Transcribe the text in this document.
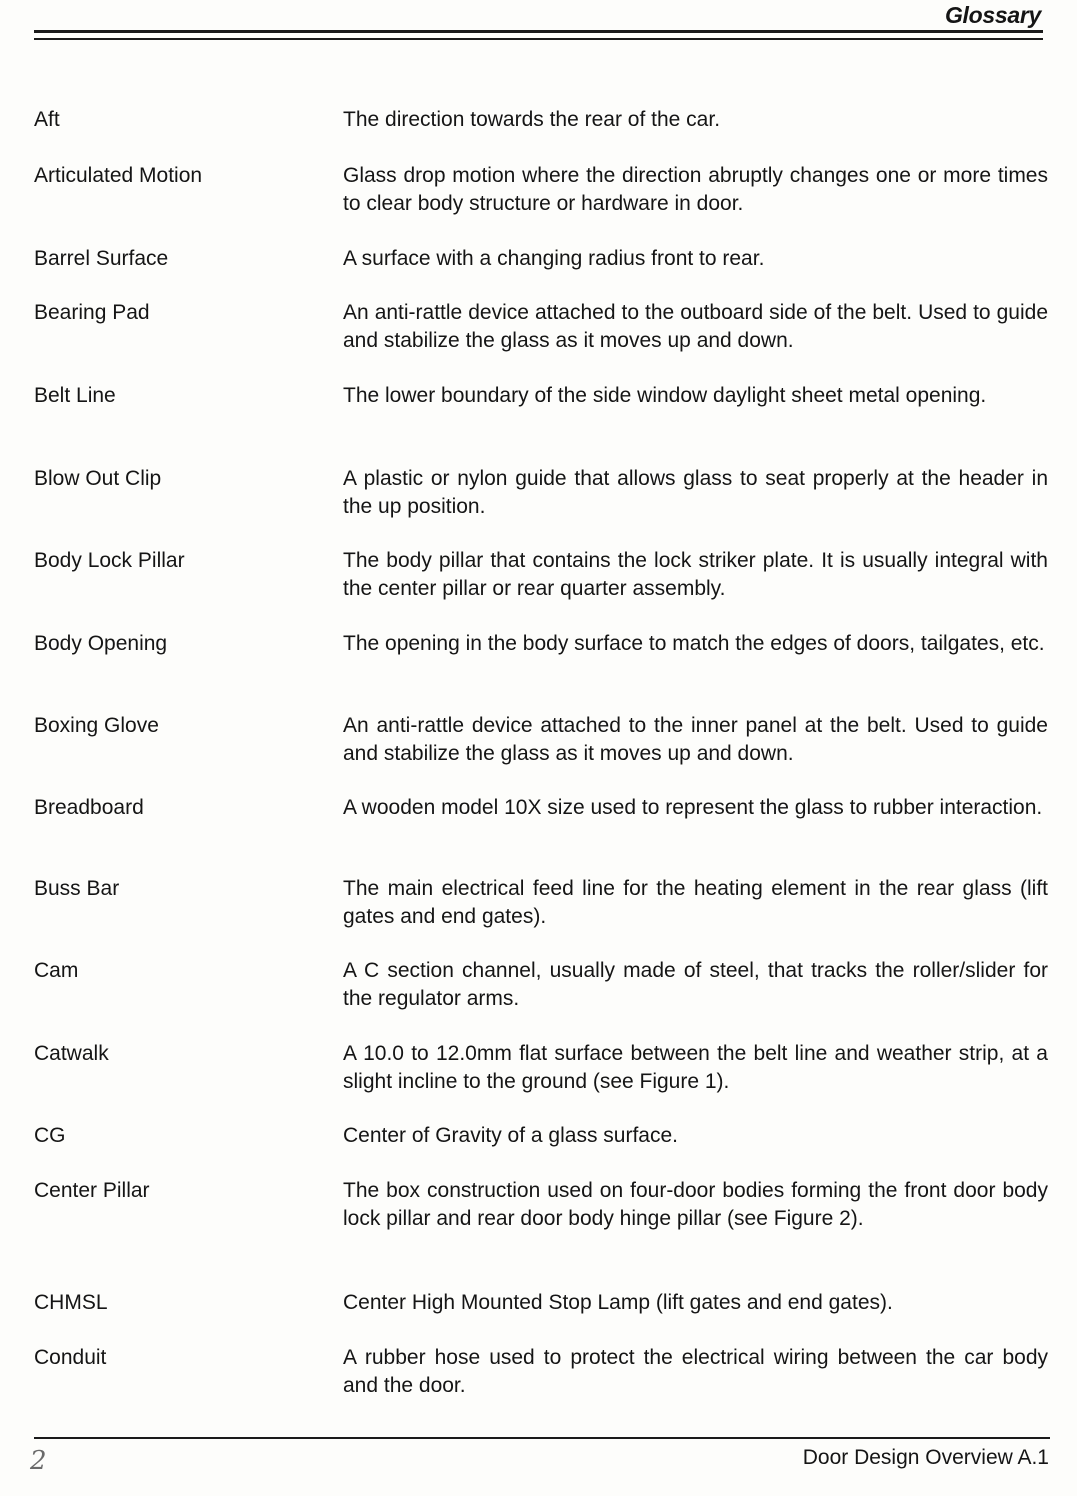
Glossary
Aft	The direction towards the rear of the car.
Articulated Motion	Glass drop motion where the direction abruptly changes one or more times to clear body structure or hardware in door.
Barrel Surface	A surface with a changing radius front to rear.
Bearing Pad	An anti-rattle device attached to the outboard side of the belt. Used to guide and stabilize the glass as it moves up and down.
Belt Line	The lower boundary of the side window daylight sheet metal opening.
Blow Out Clip	A plastic or nylon guide that allows glass to seat properly at the header in the up position.
Body Lock Pillar	The body pillar that contains the lock striker plate. It is usually integral with the center pillar or rear quarter assembly.
Body Opening	The opening in the body surface to match the edges of doors, tailgates, etc.
Boxing Glove	An anti-rattle device attached to the inner panel at the belt. Used to guide and stabilize the glass as it moves up and down.
Breadboard	A wooden model 10X size used to represent the glass to rubber interaction.
Buss Bar	The main electrical feed line for the heating element in the rear glass (lift gates and end gates).
Cam	A C section channel, usually made of steel, that tracks the roller/slider for the regulator arms.
Catwalk	A 10.0 to 12.0mm flat surface between the belt line and weather strip, at a slight incline to the ground (see Figure 1).
CG	Center of Gravity of a glass surface.
Center Pillar	The box construction used on four-door bodies forming the front door body lock pillar and rear door body hinge pillar (see Figure 2).
CHMSL	Center High Mounted Stop Lamp (lift gates and end gates).
Conduit	A rubber hose used to protect the electrical wiring between the car body and the door.
2	Door Design Overview A.1
